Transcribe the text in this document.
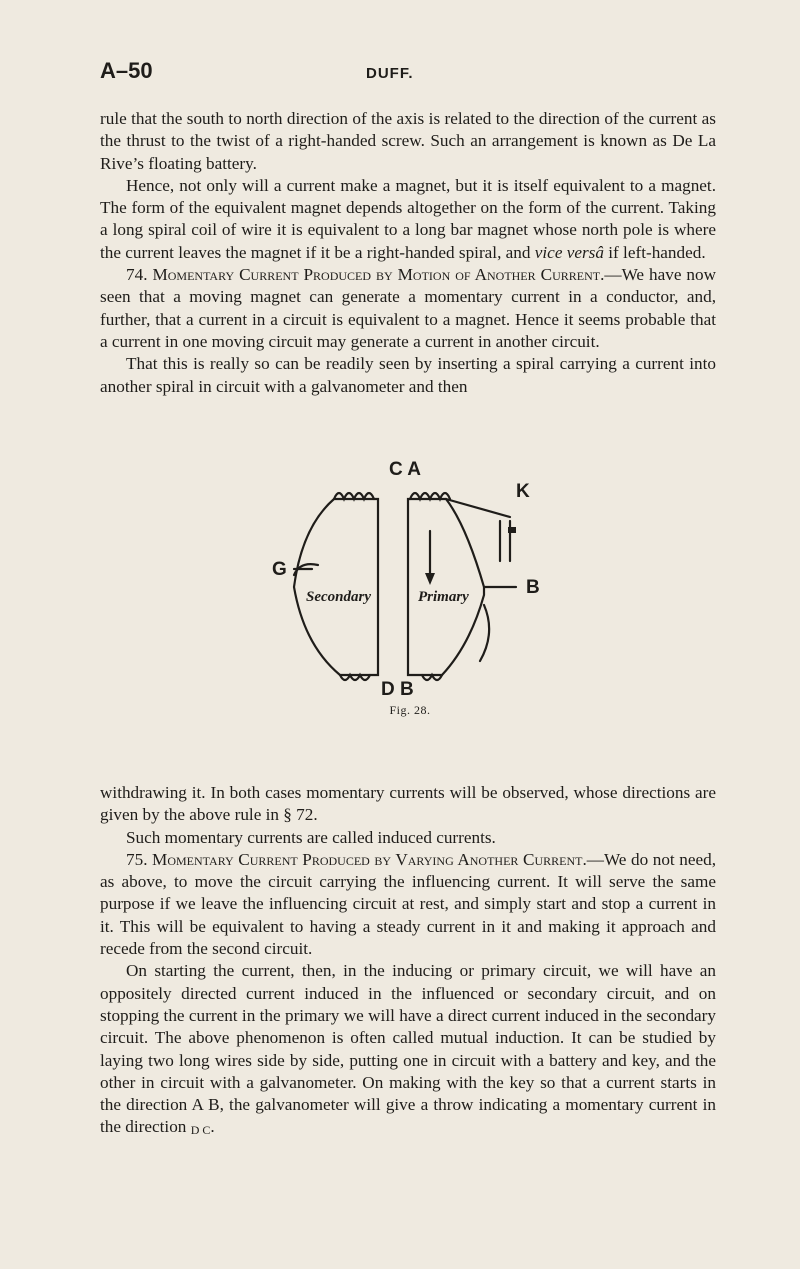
A–50	DUFF.

rule that the south to north direction of the axis is related to the direction of the current as the thrust to the twist of a right-handed screw. Such an arrangement is known as De La Rive’s floating battery.

Hence, not only will a current make a magnet, but it is itself equivalent to a magnet. The form of the equivalent magnet depends altogether on the form of the current. Taking a long spiral coil of wire it is equivalent to a long bar magnet whose north pole is where the current leaves the magnet if it be a right-handed spiral, and vice versâ if left-handed.

74. Momentary Current Produced by Motion of Another Current.—We have now seen that a moving magnet can generate a momentary current in a conductor, and, further, that a current in a circuit is equivalent to a magnet. Hence it seems probable that a current in one moving circuit may generate a current in another circuit.

That this is really so can be readily seen by inserting a spiral carrying a current into another spiral in circuit with a galvanometer and then

C A
K
G
B
D B
Secondary	Primary
Fig. 28.

withdrawing it. In both cases momentary currents will be observed, whose directions are given by the above rule in § 72.

Such momentary currents are called induced currents.

75. Momentary Current Produced by Varying Another Current.—We do not need, as above, to move the circuit carrying the influencing current. It will serve the same purpose if we leave the influencing circuit at rest, and simply start and stop a current in it. This will be equivalent to having a steady current in it and making it approach and recede from the second circuit.

On starting the current, then, in the inducing or primary circuit, we will have an oppositely directed current induced in the influenced or secondary circuit, and on stopping the current in the primary we will have a direct current induced in the secondary circuit. The above phenomenon is often called mutual induction. It can be studied by laying two long wires side by side, putting one in circuit with a battery and key, and the other in circuit with a galvanometer. On making with the key so that a current starts in the direction A B, the galvanometer will give a throw indicating a momentary current in the direction D C.
